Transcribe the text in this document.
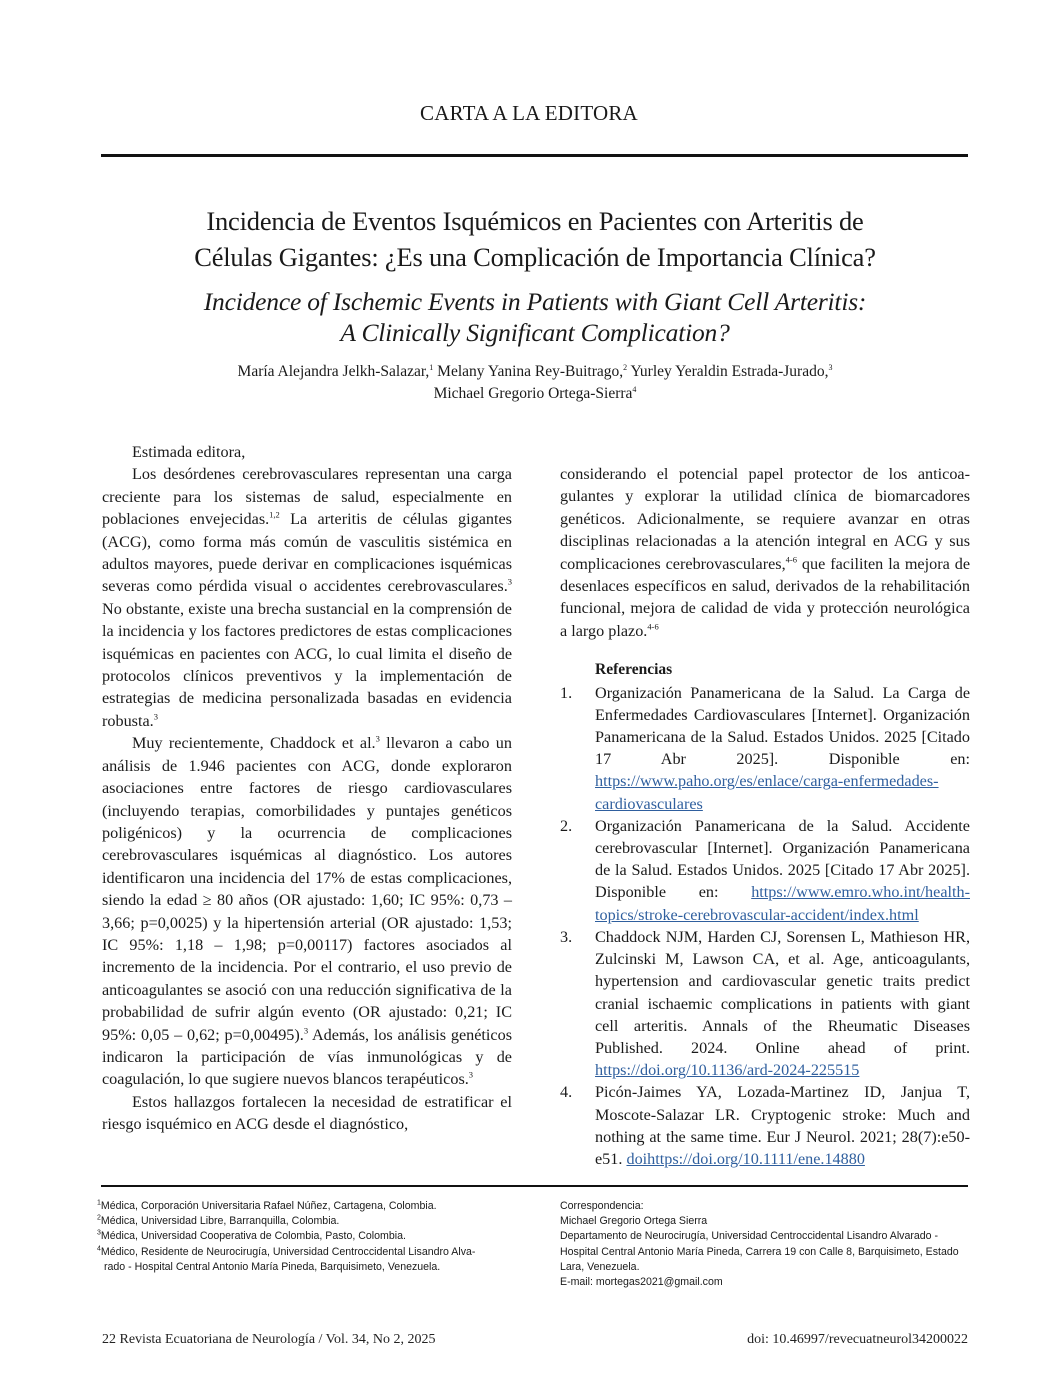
CARTA A LA EDITORA
Incidencia de Eventos Isquémicos en Pacientes con Arteritis de
Células Gigantes: ¿Es una Complicación de Importancia Clínica?
Incidence of Ischemic Events in Patients with Giant Cell Arteritis:
A Clinically Significant Complication?
María Alejandra Jelkh-Salazar,$^1$ Melany Yanina Rey-Buitrago,$^2$ Yurley Yeraldin Estrada-Jurado,$^3$
Michael Gregorio Ortega-Sierra$^4$

Estimada editora,

Los desórdenes cerebrovasculares representan una carga creciente para los sistemas de salud, especialmente en poblaciones envejecidas.$^{1,2}$ La arteritis de células gigantes (ACG), como forma más común de vasculitis sistémica en adultos mayores, puede derivar en complicaciones isquémicas severas como pérdida visual o accidentes cerebrovasculares.$^3$ No obstante, existe una brecha sustancial en la comprensión de la incidencia y los factores predictores de estas complicaciones isquémicas en pacientes con ACG, lo cual limita el diseño de protocolos clínicos preventivos y la implementación de estrategias de medicina personalizada basadas en evidencia robusta.$^3$

Muy recientemente, Chaddock et al.$^3$ llevaron a cabo un análisis de 1.946 pacientes con ACG, donde exploraron asociaciones entre factores de riesgo cardiovasculares (incluyendo terapias, comorbilidades y puntajes genéticos poligénicos) y la ocurrencia de complicaciones cerebrovasculares isquémicas al diagnóstico. Los autores identificaron una incidencia del 17% de estas complicaciones, siendo la edad ≥ 80 años (OR ajustado: 1,60; IC 95%: 0,73 – 3,66; p=0,0025) y la hipertensión arterial (OR ajustado: 1,53; IC 95%: 1,18 – 1,98; p=0,00117) factores asociados al incremento de la incidencia. Por el contrario, el uso previo de anticoagulantes se asoció con una reducción significativa de la probabilidad de sufrir algún evento (OR ajustado: 0,21; IC 95%: 0,05 – 0,62; p=0,00495).$^3$ Además, los análisis genéticos indicaron la participación de vías inmunológicas y de coagulación, lo que sugiere nuevos blancos terapéuticos.$^3$

Estos hallazgos fortalecen la necesidad de estratificar el riesgo isquémico en ACG desde el diagnóstico,

considerando el potencial papel protector de los anticoagulantes y explorar la utilidad clínica de biomarcadores genéticos. Adicionalmente, se requiere avanzar en otras disciplinas relacionadas a la atención integral en ACG y sus complicaciones cerebrovasculares,$^{4-6}$ que faciliten la mejora de desenlaces específicos en salud, derivados de la rehabilitación funcional, mejora de calidad de vida y protección neurológica a largo plazo.$^{4-6}$

Referencias
1. Organización Panamericana de la Salud. La Carga de Enfermedades Cardiovasculares [Internet]. Organización Panamericana de la Salud. Estados Unidos. 2025 [Citado 17 Abr 2025]. Disponible en: https://www.paho.org/es/enlace/carga-enfermedades-cardiovasculares
2. Organización Panamericana de la Salud. Accidente cerebrovascular [Internet]. Organización Panamericana de la Salud. Estados Unidos. 2025 [Citado 17 Abr 2025]. Disponible en: https://www.emro.who.int/health-topics/stroke-cerebrovascular-accident/index.html
3. Chaddock NJM, Harden CJ, Sorensen L, Mathieson HR, Zulcinski M, Lawson CA, et al. Age, anticoagulants, hypertension and cardiovascular genetic traits predict cranial ischaemic complications in patients with giant cell arteritis. Annals of the Rheumatic Diseases Published. 2024. Online ahead of print. https://doi.org/10.1136/ard-2024-225515
4. Picón-Jaimes YA, Lozada-Martinez ID, Janjua T, Moscote-Salazar LR. Cryptogenic stroke: Much and nothing at the same time. Eur J Neurol. 2021; 28(7):e50-e51. doihttps://doi.org/10.1111/ene.14880
$^1$Médica, Corporación Universitaria Rafael Núñez, Cartagena, Colombia.
$^2$Médica, Universidad Libre, Barranquilla, Colombia.
$^3$Médica, Universidad Cooperativa de Colombia, Pasto, Colombia.
$^4$Médico, Residente de Neurocirugía, Universidad Centroccidental Lisandro Alva-
rado - Hospital Central Antonio María Pineda, Barquisimeto, Venezuela.
Correspondencia:
Michael Gregorio Ortega Sierra
Departamento de Neurocirugía, Universidad Centroccidental Lisandro Alvarado -
Hospital Central Antonio María Pineda, Carrera 19 con Calle 8, Barquisimeto, Estado
Lara, Venezuela.
E-mail: mortegas2021@gmail.com
22 Revista Ecuatoriana de Neurología / Vol. 34, No 2, 2025	doi: 10.46997/revecuatneurol34200022
